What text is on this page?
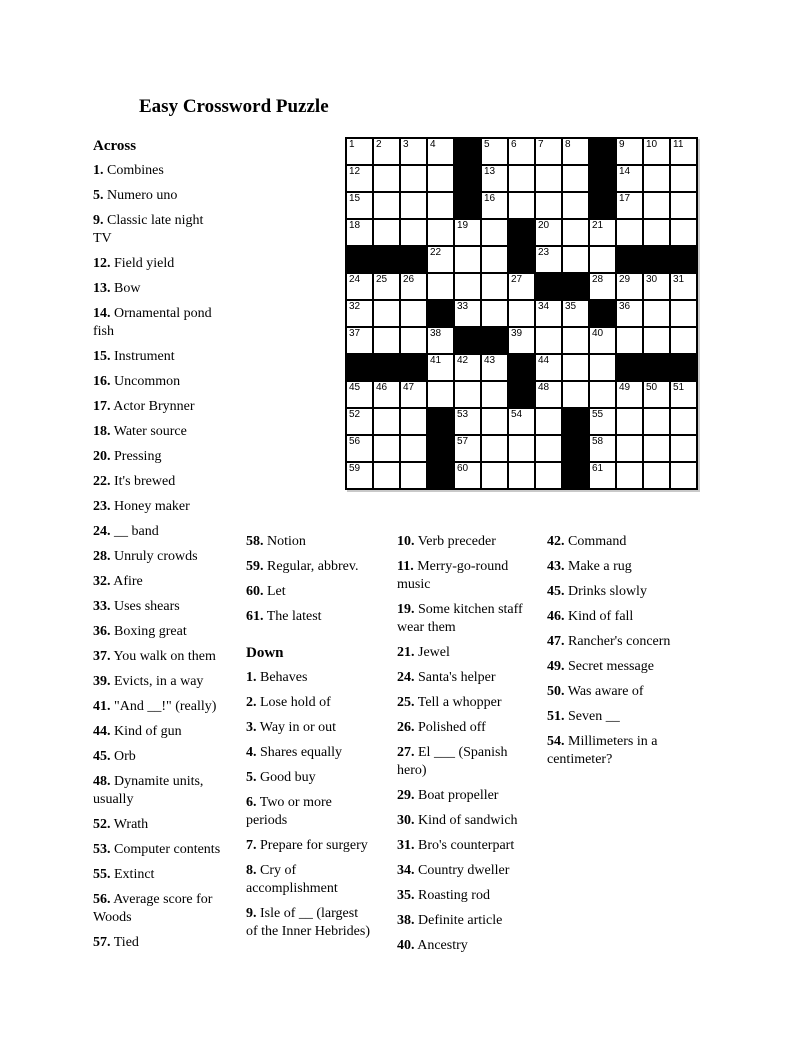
Easy Crossword Puzzle
1 2 3 4	5 6 7 8	9 10 11
12	13	14
15	16	17
18	19	20	21
22	23
24 25 26	27	28 29 30 31
32	33	34 35	36
37	38	39	40
41 42 43	44
45 46 47	48	49 50 51
52	53	54	55
56	57	58
59	60	61
Across

1. Combines

5. Numero uno

9. Classic late night TV

12. Field yield

13. Bow

14. Ornamental pond fish

15. Instrument

16. Uncommon

17. Actor Brynner

18. Water source

20. Pressing

22. It's brewed

23. Honey maker

24. __ band

28. Unruly crowds

32. Afire

33. Uses shears

36. Boxing great

37. You walk on them

39. Evicts, in a way

41. "And __!" (really)

44. Kind of gun

45. Orb

48. Dynamite units, usually

52. Wrath

53. Computer contents

55. Extinct

56. Average score for Woods

57. Tied

58. Notion

59. Regular, abbrev.

60. Let

61. The latest

Down

1. Behaves

2. Lose hold of

3. Way in or out

4. Shares equally

5. Good buy

6. Two or more periods

7. Prepare for surgery

8. Cry of accomplishment

9. Isle of __ (largest of the Inner Hebrides)

10. Verb preceder

11. Merry-go-round music

19. Some kitchen staff wear them

21. Jewel

24. Santa's helper

25. Tell a whopper

26. Polished off

27. El ___ (Spanish hero)

29. Boat propeller

30. Kind of sandwich

31. Bro's counterpart

34. Country dweller

35. Roasting rod

38. Definite article

40. Ancestry

42. Command

43. Make a rug

45. Drinks slowly

46. Kind of fall

47. Rancher's concern

49. Secret message

50. Was aware of

51. Seven __

54. Millimeters in a centimeter?
